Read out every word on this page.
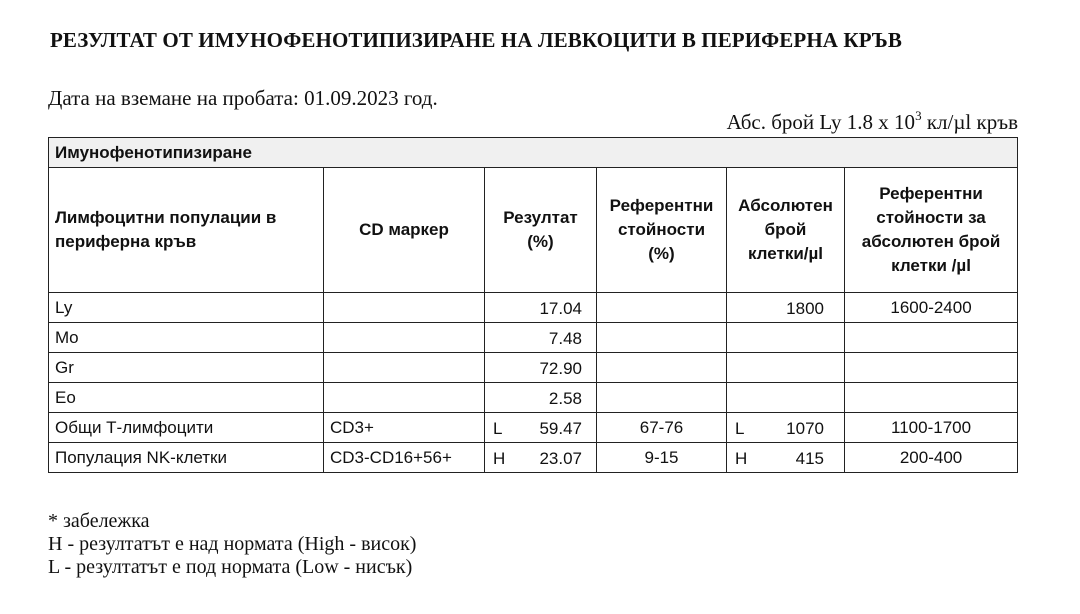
РЕЗУЛТАТ ОТ ИМУНОФЕНОТИПИЗИРАНЕ НА ЛЕВКОЦИТИ В ПЕРИФЕРНА КРЪВ
Дата на вземане на пробата: 01.09.2023 год.
Абс. брой Ly 1.8 х $10^3$ кл/µl кръв
Имунофенотипизиране					
Лимфоцитни популации в периферна кръв	CD маркер	Резултат (%)	Референтни стойности (%)	Абсолютен брой клетки/µl	Референтни стойности за абсолютен брой клетки /µl
Ly		17.04		1800	1600-2400
Mo		7.48			

Gr		72.90			

Eo		2.58			

Общи Т-лимфоцити	CD3+	L 59.47	67-76	L 1070	1100-1700
Популация NK-клетки	CD3-CD16+56+	H 23.07	9-15	H 415	200-400
* забележка
H - резултатът е над нормата (High - висок)
L - резултатът е под нормата (Low - нисък)
